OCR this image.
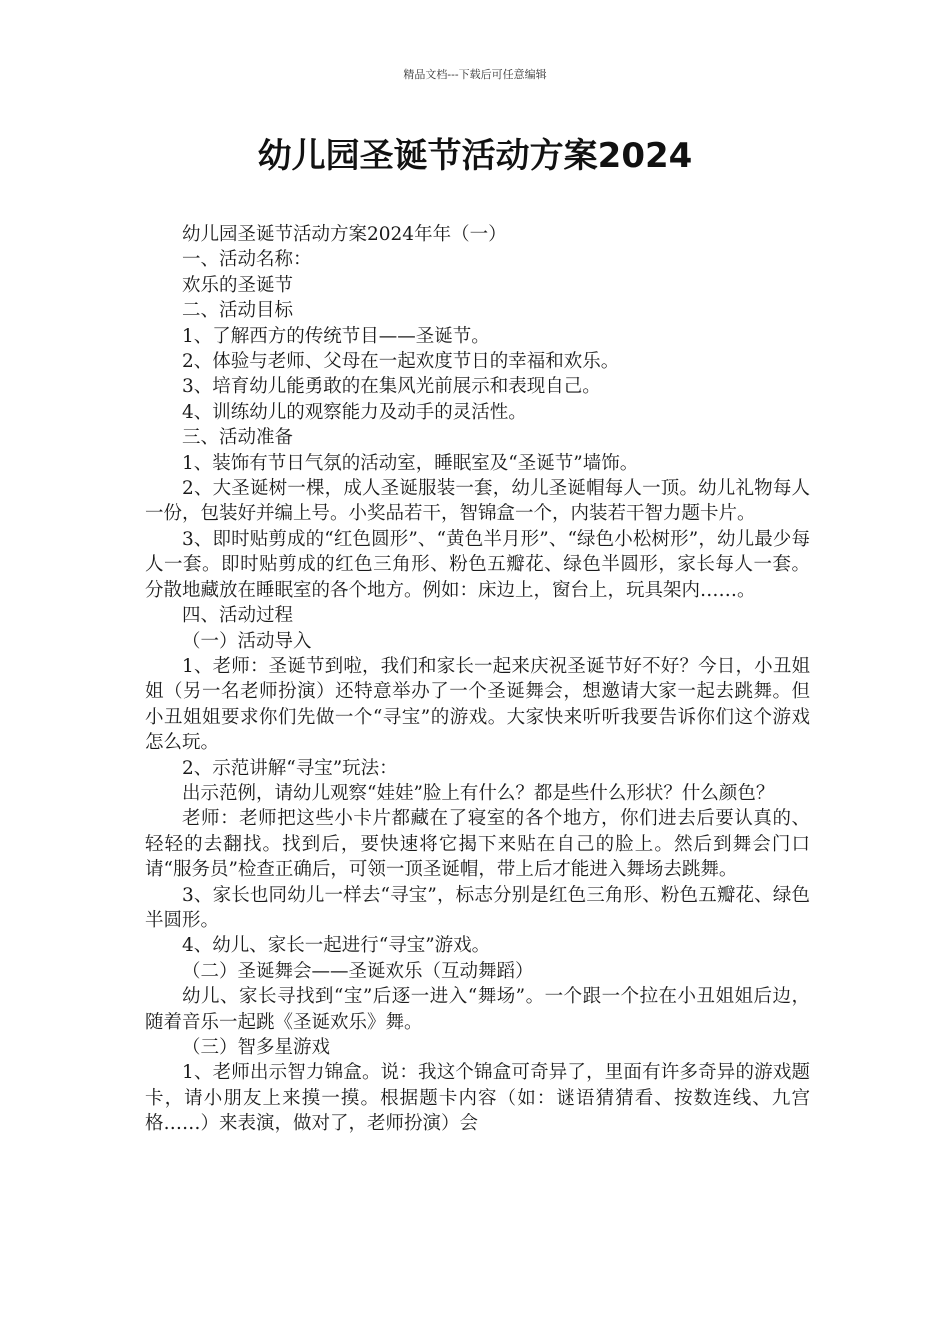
精品文档---下载后可任意编辑
幼儿园圣诞节活动方案2024

幼儿园圣诞节活动方案2024年年（一）

一、活动名称：

欢乐的圣诞节

二、活动目标

1、了解西方的传统节目——圣诞节。

2、体验与老师、父母在一起欢度节日的幸福和欢乐。

3、培育幼儿能勇敢的在集风光前展示和表现自己。

4、训练幼儿的观察能力及动手的灵活性。

三、活动准备

1、装饰有节日气氛的活动室，睡眠室及“圣诞节”墙饰。

2、大圣诞树一棵，成人圣诞服装一套，幼儿圣诞帽每人一顶。幼儿礼物每人一份，包装好并编上号。小奖品若干，智锦盒一个，内装若干智力题卡片。

3、即时贴剪成的“红色圆形”、“黄色半月形”、“绿色小松树形”，幼儿最少每人一套。即时贴剪成的红色三角形、粉色五瓣花、绿色半圆形，家长每人一套。分散地藏放在睡眠室的各个地方。例如：床边上，窗台上，玩具架内……。

四、活动过程

（一）活动导入

1、老师：圣诞节到啦，我们和家长一起来庆祝圣诞节好不好？今日，小丑姐姐（另一名老师扮演）还特意举办了一个圣诞舞会，想邀请大家一起去跳舞。但小丑姐姐要求你们先做一个“寻宝”的游戏。大家快来听听我要告诉你们这个游戏怎么玩。

2、示范讲解“寻宝”玩法：

出示范例，请幼儿观察“娃娃”脸上有什么？都是些什么形状？什么颜色？

老师：老师把这些小卡片都藏在了寝室的各个地方，你们进去后要认真的、轻轻的去翻找。找到后，要快速将它揭下来贴在自己的脸上。然后到舞会门口请“服务员”检查正确后，可领一顶圣诞帽，带上后才能进入舞场去跳舞。

3、家长也同幼儿一样去“寻宝”，标志分别是红色三角形、粉色五瓣花、绿色半圆形。

4、幼儿、家长一起进行“寻宝”游戏。

（二）圣诞舞会——圣诞欢乐（互动舞蹈）

幼儿、家长寻找到“宝”后逐一进入“舞场”。一个跟一个拉在小丑姐姐后边，随着音乐一起跳《圣诞欢乐》舞。

（三）智多星游戏

1、老师出示智力锦盒。说：我这个锦盒可奇异了，里面有许多奇异的游戏题卡，请小朋友上来摸一摸。根据题卡内容（如：谜语猜猜看、按数连线、九宫格……）来表演，做对了，老师扮演）会
